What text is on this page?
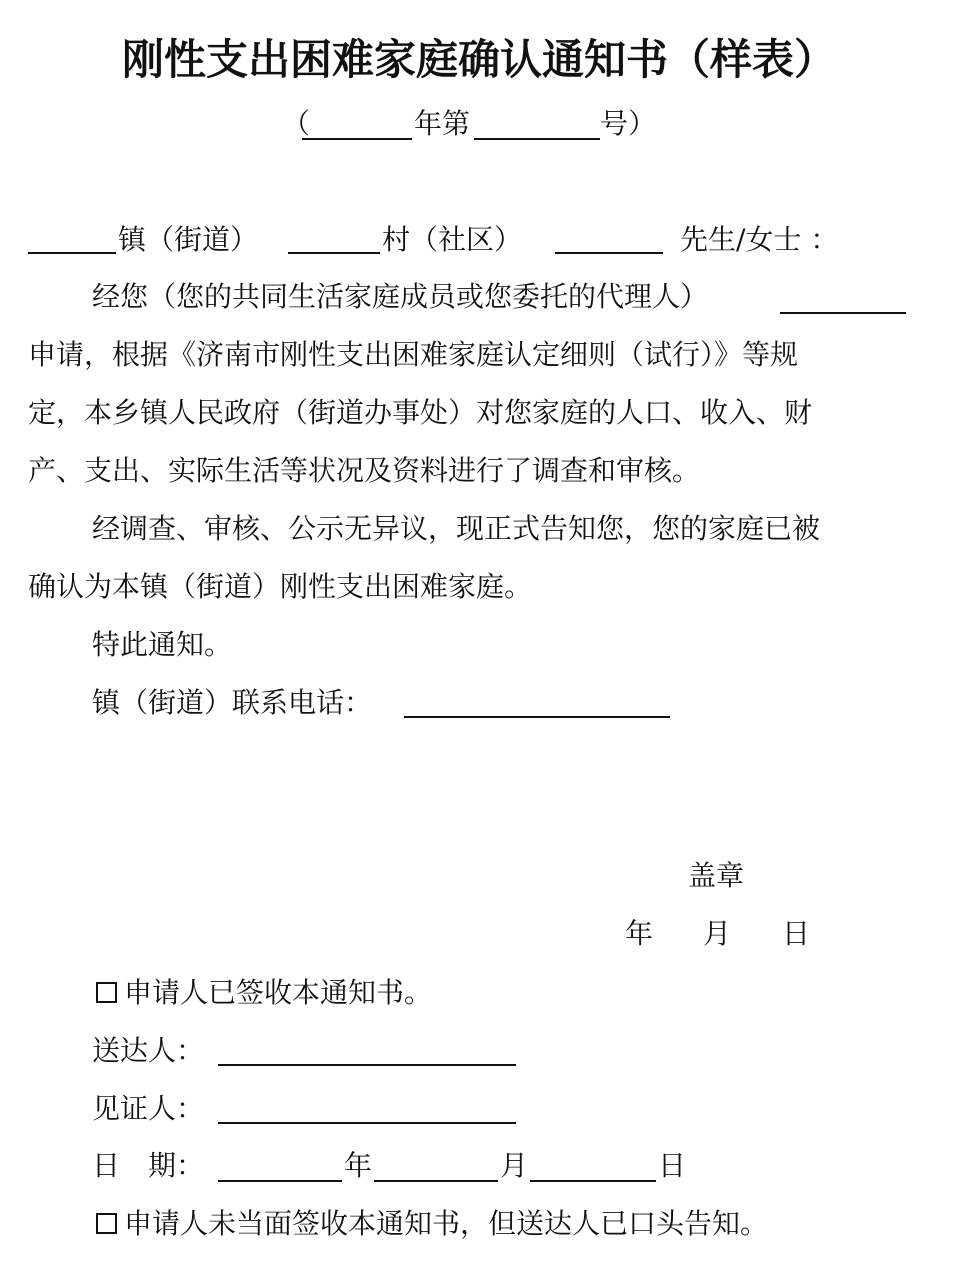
刚性支出困难家庭确认通知书（样表）
（	年第	号 ）
镇（街道）	村（社区）	先生/女士 ：
经您（您的共同生活家庭成员或您委托的代理人）
申请，根据《济南市刚性支出困难家庭认定细则（试行）》等规
定，本乡镇人民政府（街道办事处）对您家庭的人口、收入、财
产、支出、实际生活等状况及资料进行了调查和审核。
经调查、审核、公示无异议，现正式告知您，您的家庭已被
确认为本镇（街道）刚性支出困难家庭。
特此通知。
镇（街道）联系电话：
盖章
年 月 日
申请人已签收本通知书。
送达人：
见证人：
日　期：	年	月	日
申请人未当面签收本通知书，但送达人已口头告知。
